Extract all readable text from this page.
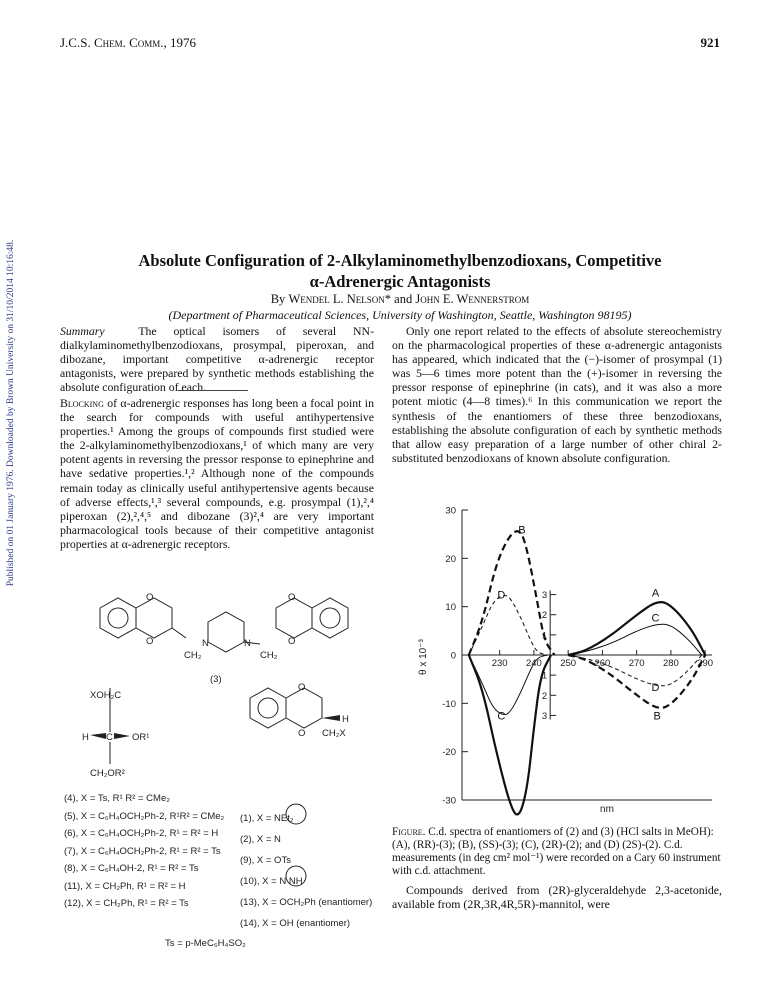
J.C.S. Chem. Comm., 1976	921
Published on 01 January 1976. Downloaded by Brown University on 31/10/2014 10:16:48.	Absolute Configuration of 2-Alkylaminomethylbenzodioxans, Competitive
α-Adrenergic Antagonists
By Wendel L. Nelson* and John E. Wennerstrom
(Department of Pharmaceutical Sciences, University of Washington, Seattle, Washington 98195)

Summary	The optical isomers of several NN-dialkylaminomethylbenzodioxans, prosympal, piperoxan, and dibozane, important competitive α-adrenergic receptor antagonists, were prepared by synthetic methods establishing the absolute configuration of each.

Blocking of α-adrenergic responses has long been a focal point in the search for compounds with useful antihypertensive properties.¹ Among the groups of compounds first studied were the 2-alkylaminomethylbenzodioxans,¹ of which many are very potent agents in reversing the pressor response to epinephrine and have sedative properties.¹,² Although none of the compounds remain today as clinically useful antihypertensive agents because of adverse effects,¹,³ several compounds, e.g. prosympal (1),²,⁴ piperoxan (2),²,⁴,⁵ and dibozane (3)²,⁴ are very important pharmacological tools because of their competitive antagonist properties at α-adrenergic receptors.

Only one report related to the effects of absolute stereochemistry on the pharmacological properties of these α-adrenergic antagonists has appeared, which indicated that the (−)-isomer of prosympal (1) was 5—6 times more potent than the (+)-isomer in reversing the pressor response of epinephrine (in cats), and it was also a more potent miotic (4—8 times).⁶ In this communication we report the synthesis of the enantiomers of these three benzodioxans, establishing the absolute configuration of each by synthetic methods that allow easy preparation of a large number of other chiral 2-substituted benzodioxans of known absolute configuration.

O
O
CH₂
N	N
CH₂
O
O
(3)
XOH₂C
H C OR¹
CH₂OR²
O
O
H
CH₂X
(4), X = Ts, R¹ R² = CMe₂
(5), X = C₆H₄OCH₂Ph-2, R¹R² = CMe₂
(6), X = C₆H₄OCH₂Ph-2, R¹ = R² = H
(7), X = C₆H₄OCH₂Ph-2, R¹ = R² = Ts
(8), X = C₆H₄OH-2, R¹ = R² = Ts
(11), X = CH₂Ph, R¹ = R² = H
(12), X = CH₂Ph, R¹ = R² = Ts
(1), X = NEt₂
(2), X = N
(9), X = OTs
(10), X = N NH
(13), X = OCH₂Ph (enantiomer)
(14), X = OH (enantiomer)
Ts = p-MeC₆H₄SO₂
30
20
10
0
-10
-20
-30
3
3
2
2
1
1
230 240 250 260 270 280 290
nm
θ x 10⁻³
B
D
C
A
C
D
B
Figure. C.d. spectra of enantiomers of (2) and (3) (HCl salts in MeOH): (A), (RR)-(3); (B), (SS)-(3); (C), (2R)-(2); and (D) (2S)-(2). C.d. measurements (in deg cm² mol⁻¹) were recorded on a Cary 60 instrument with c.d. attachment.

Compounds derived from (2R)-glyceraldehyde 2,3-acetonide, available from (2R,3R,4R,5R)-mannitol, were
